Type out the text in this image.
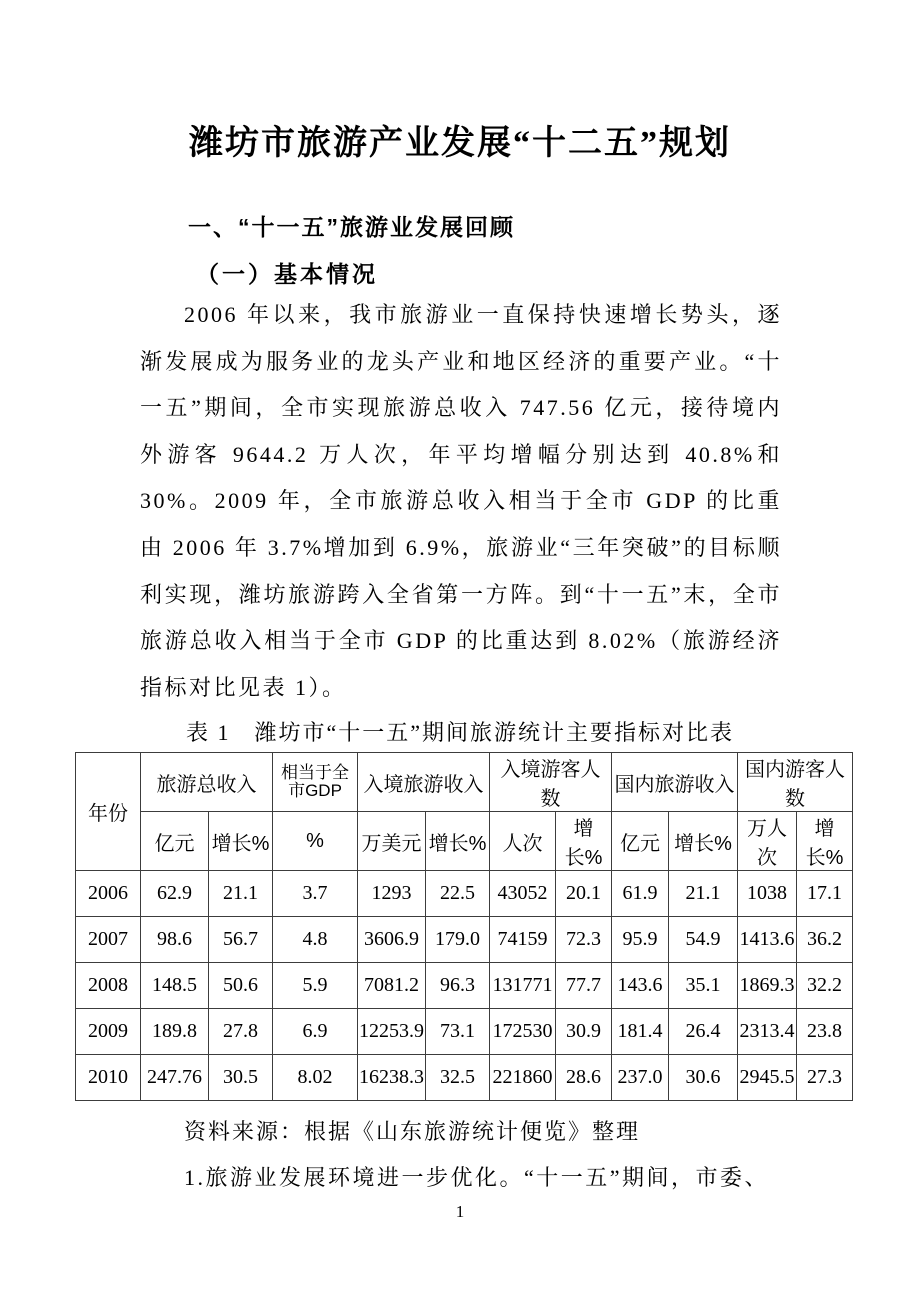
潍坊市旅游产业发展“十二五”规划
一、“十一五”旅游业发展回顾
（一）基本情况

2006 年以来，我市旅游业一直保持快速增长势头，逐渐发展成为服务业的龙头产业和地区经济的重要产业。“十一五”期间，全市实现旅游总收入 747.56 亿元，接待境内外游客 9644.2 万人次，年平均增幅分别达到 40.8%和 30%。2009 年，全市旅游总收入相当于全市 GDP 的比重由 2006 年 3.7%增加到 6.9%，旅游业“三年突破”的目标顺利实现，潍坊旅游跨入全省第一方阵。到“十一五”末，全市旅游总收入相当于全市 GDP 的比重达到 8.02%（旅游经济指标对比见表 1）。

表 1　潍坊市“十一五”期间旅游统计主要指标对比表
年份	旅游总收入		相当于全市GDP	入境旅游收入		入境游客人数		国内旅游收入		国内游客人数	
	亿元	增长%	%	万美元	增长%	人次	增长%	亿元	增长%	万人次	增长%
2006	62.9	21.1	3.7	1293	22.5	43052	20.1	61.9	21.1	1038	17.1
2007	98.6	56.7	4.8	3606.9	179.0	74159	72.3	95.9	54.9	1413.6	36.2
2008	148.5	50.6	5.9	7081.2	96.3	131771	77.7	143.6	35.1	1869.3	32.2
2009	189.8	27.8	6.9	12253.9	73.1	172530	30.9	181.4	26.4	2313.4	23.8
2010	247.76	30.5	8.02	16238.3	32.5	221860	28.6	237.0	30.6	2945.5	27.3

资料来源：根据《山东旅游统计便览》整理

1.旅游业发展环境进一步优化。“十一五”期间，市委、

1
